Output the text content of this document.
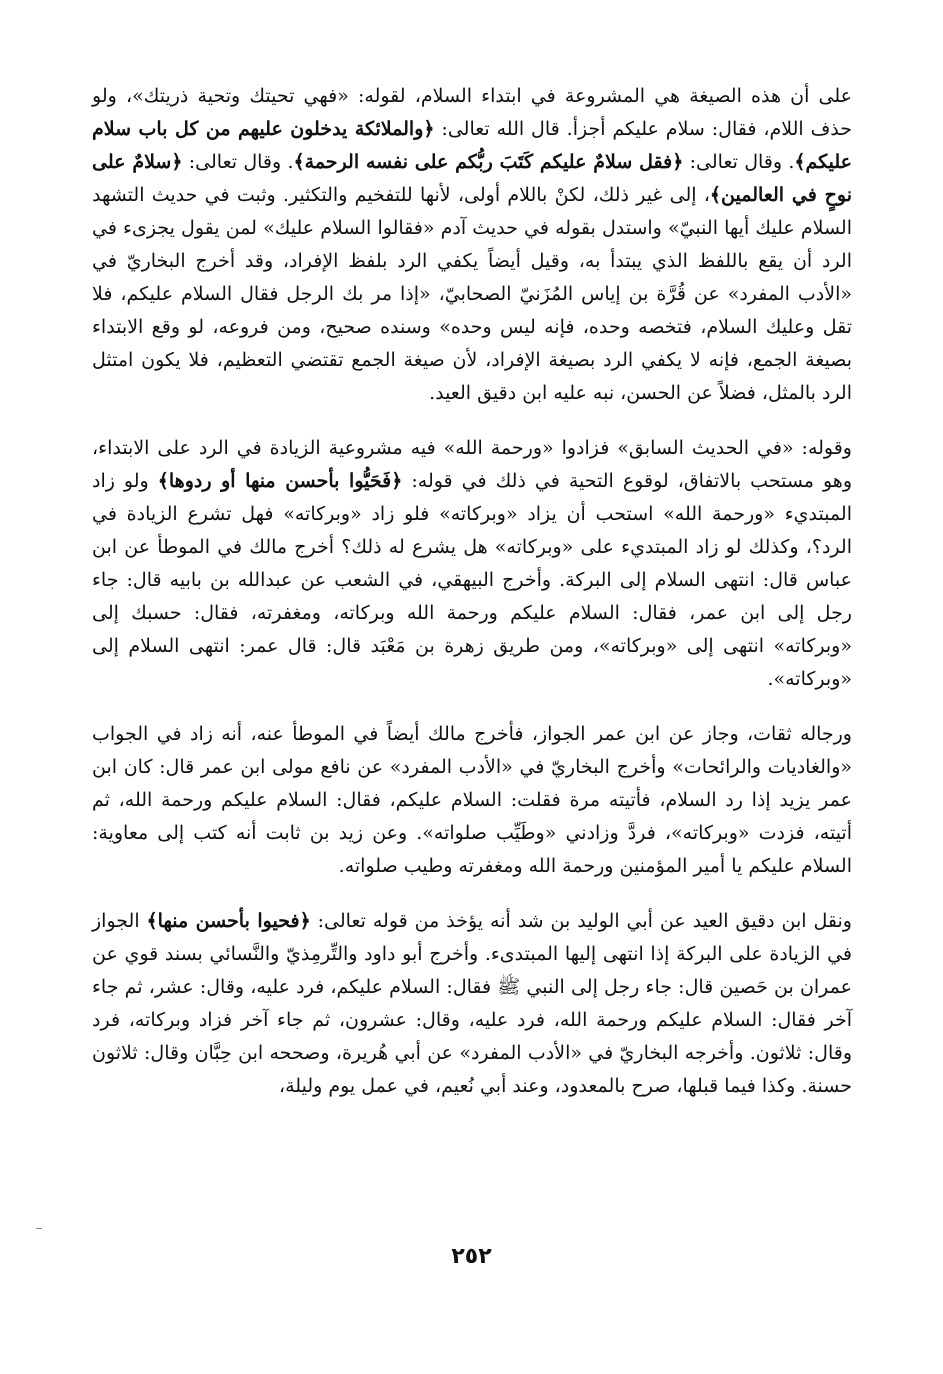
على أن هذه الصيغة هي المشروعة في ابتداء السلام، لقوله: «فهي تحيتك وتحية ذريتك»، ولو حذف اللام، فقال: سلام عليكم أجزأ. قال الله تعالى: ﴿والملائكة يدخلون عليهم من كل باب سلام عليكم﴾. وقال تعالى: ﴿فقل سلامٌ عليكم كَتَبَ ربُّكم على نفسه الرحمة﴾. وقال تعالى: ﴿سلامٌ على نوحٍ في العالمين﴾، إلى غير ذلك، لكنْ باللام أولى، لأنها للتفخيم والتكثير. وثبت في حديث التشهد السلام عليك أيها النبيّ» واستدل بقوله في حديث آدم «فقالوا السلام عليك» لمن يقول يجزىء في الرد أن يقع باللفظ الذي يبتدأ به، وقيل أيضاً يكفي الرد بلفظ الإفراد، وقد أخرج البخاريّ في «الأدب المفرد» عن قُرَّة بن إياس المُزَنيّ الصحابيّ، «إذا مر بك الرجل فقال السلام عليكم، فلا تقل وعليك السلام، فتخصه وحده، فإنه ليس وحده» وسنده صحيح، ومن فروعه، لو وقع الابتداء بصيغة الجمع، فإنه لا يكفي الرد بصيغة الإفراد، لأن صيغة الجمع تقتضي التعظيم، فلا يكون امتثل الرد بالمثل، فضلاً عن الحسن، نبه عليه ابن دقيق العيد.

وقوله: «في الحديث السابق» فزادوا «ورحمة الله» فيه مشروعية الزيادة في الرد على الابتداء، وهو مستحب بالاتفاق، لوقوع التحية في ذلك في قوله: ﴿فَحَيُّوا بأحسن منها أو ردوها﴾ ولو زاد المبتديء «ورحمة الله» استحب أن يزاد «وبركاته» فلو زاد «وبركاته» فهل تشرع الزيادة في الرد؟، وكذلك لو زاد المبتديء على «وبركاته» هل يشرع له ذلك؟ أخرج مالك في الموطأ عن ابن عباس قال: انتهى السلام إلى البركة. وأخرج البيهقي، في الشعب عن عبدالله بن بابيه قال: جاء رجل إلى ابن عمر، فقال: السلام عليكم ورحمة الله وبركاته، ومغفرته، فقال: حسبك إلى «وبركاته» انتهى إلى «وبركاته»، ومن طريق زهرة بن مَعْبَد قال: قال عمر: انتهى السلام إلى «وبركاته».

ورجاله ثقات، وجاز عن ابن عمر الجواز، فأخرج مالك أيضاً في الموطأ عنه، أنه زاد في الجواب «والغاديات والرائحات» وأخرج البخاريّ في «الأدب المفرد» عن نافع مولى ابن عمر قال: كان ابن عمر يزيد إذا رد السلام، فأتيته مرة فقلت: السلام عليكم، فقال: السلام عليكم ورحمة الله، ثم أتيته، فزدت «وبركاته»، فردَّ وزادني «وطَيِّب صلواته». وعن زيد بن ثابت أنه كتب إلى معاوية: السلام عليكم يا أمير المؤمنين ورحمة الله ومغفرته وطيب صلواته.

ونقل ابن دقيق العيد عن أبي الوليد بن شد أنه يؤخذ من قوله تعالى: ﴿فحيوا بأحسن منها﴾ الجواز في الزيادة على البركة إذا انتهى إليها المبتدىء. وأخرج أبو داود والتِّرمِذيّ والنَّسائي بسند قوي عن عمران بن حَصين قال: جاء رجل إلى النبي ﷺ فقال: السلام عليكم، فرد عليه، وقال: عشر، ثم جاء آخر فقال: السلام عليكم ورحمة الله، فرد عليه، وقال: عشرون، ثم جاء آخر فزاد وبركاته، فرد وقال: ثلاثون. وأخرجه البخاريّ في «الأدب المفرد» عن أبي هُريرة، وصححه ابن حِبَّان وقال: ثلاثون حسنة. وكذا فيما قبلها، صرح بالمعدود، وعند أبي نُعيم، في عمل يوم وليلة،

٢٥٢
